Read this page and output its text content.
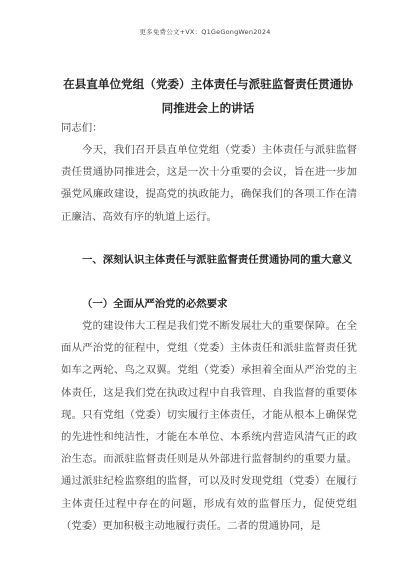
更多免费公文+VX：Q1GeGongWen2024
在县直单位党组（党委）主体责任与派驻监督责任贯通协同推进会上的讲话

同志们：

今天，我们召开县直单位党组（党委）主体责任与派驻监督责任贯通协同推进会，这是一次十分重要的会议，旨在进一步加强党风廉政建设，提高党的执政能力，确保我们的各项工作在清正廉洁、高效有序的轨道上运行。

一、深刻认识主体责任与派驻监督责任贯通协同的重大意义
（一）全面从严治党的必然要求

党的建设伟大工程是我们党不断发展壮大的重要保障。在全面从严治党的征程中，党组（党委）主体责任和派驻监督责任犹如车之两轮、鸟之双翼。党组（党委）承担着全面从严治党的主体责任，这是我们党在执政过程中自我管理、自我监督的重要体现。只有党组（党委）切实履行主体责任，才能从根本上确保党的先进性和纯洁性，才能在本单位、本系统内营造风清气正的政治生态。而派驻监督责任则是从外部进行监督制约的重要力量。通过派驻纪检监察组的监督，可以及时发现党组（党委）在履行主体责任过程中存在的问题，形成有效的监督压力，促使党组（党委）更加积极主动地履行责任。二者的贯通协同，是
